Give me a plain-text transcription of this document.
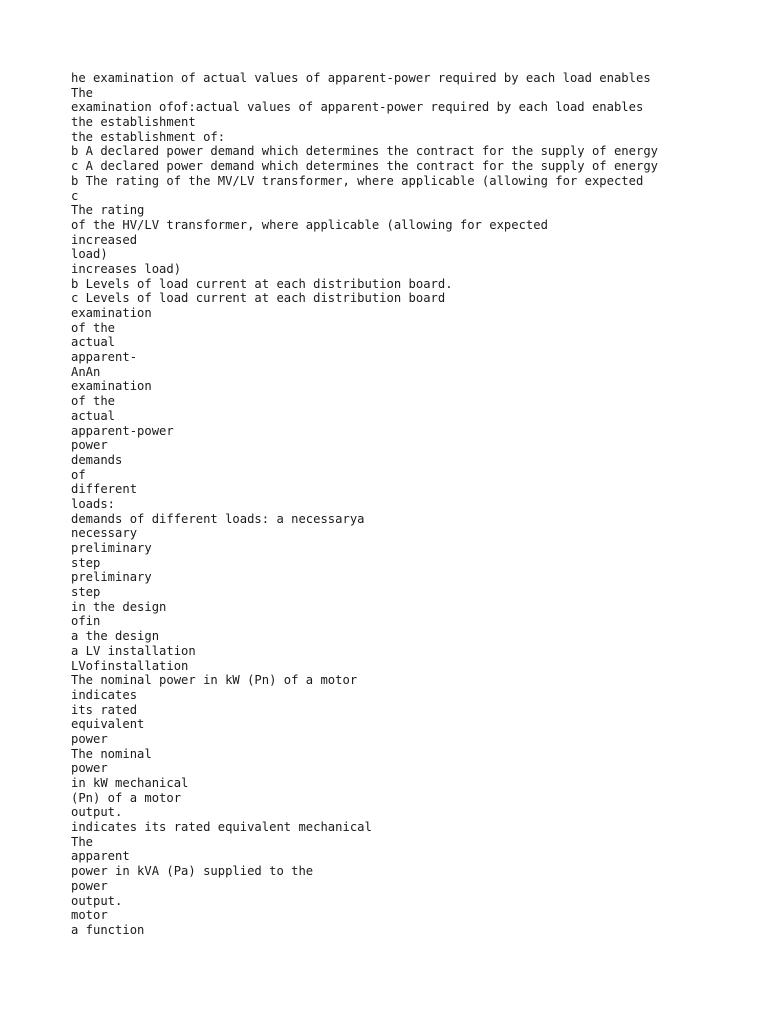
he examination of actual values of apparent-power required by each load enables
The
examination ofof:actual values of apparent-power required by each load enables
the establishment
the establishment of:
b A declared power demand which determines the contract for the supply of energy
c A declared power demand which determines the contract for the supply of energy
b The rating of the MV/LV transformer, where applicable (allowing for expected
c
The rating
of the HV/LV transformer, where applicable (allowing for expected
increased
load)
increases load)
b Levels of load current at each distribution board.
c Levels of load current at each distribution board
examination
of the
actual
apparent-
AnAn
examination
of the
actual
apparent-power
power
demands
of
different
loads:
demands of different loads: a necessarya
necessary
preliminary
step
preliminary
step
in the design
ofin
a the design
a LV installation
LVofinstallation
The nominal power in kW (Pn) of a motor
indicates
its rated
equivalent
power
The nominal
power
in kW mechanical
(Pn) of a motor
output.
indicates its rated equivalent mechanical
The
apparent
power in kVA (Pa) supplied to the
power
output.
motor
a function
